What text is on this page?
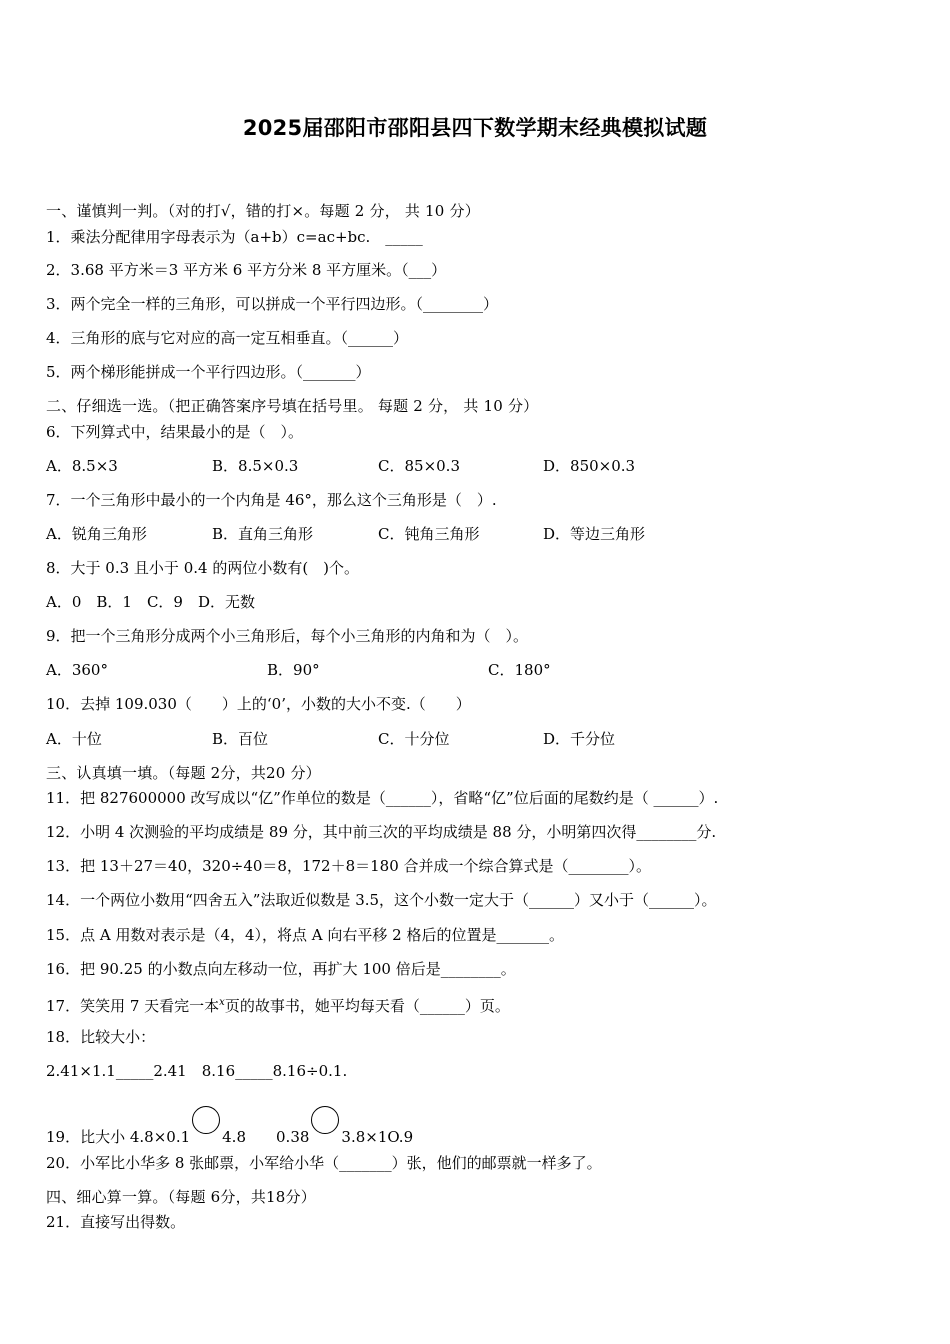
2025届邵阳市邵阳县四下数学期末经典模拟试题
一、谨慎判一判。（对的打√，错的打×。每题 2 分， 共 10 分）
1．乘法分配律用字母表示为（a+b）c=ac+bc.　_____
2．3.68 平方米＝3 平方米 6 平方分米 8 平方厘米。（___）
3．两个完全一样的三角形，可以拼成一个平行四边形。（________）
4．三角形的底与它对应的高一定互相垂直。（______）
5．两个梯形能拼成一个平行四边形。（_______）
二、仔细选一选。（把正确答案序号填在括号里。 每题 2 分， 共 10 分）
6．下列算式中，结果最小的是（　）。
A．8.5×3	B．8.5×0.3	C．85×0.3	D．850×0.3
7．一个三角形中最小的一个内角是 46°，那么这个三角形是（　）.
A．锐角三角形	B．直角三角形	C．钝角三角形	D．等边三角形
8．大于 0.3 且小于 0.4 的两位小数有(　)个。
A．0　B．1　C．9　D．无数
9．把一个三角形分成两个小三角形后，每个小三角形的内角和为（　）。
A．360°	B．90°	C．180°
10．去掉 109.030（　　）上的‘0’，小数的大小不变.（　　）
A．十位	B．百位	C．十分位	D．千分位
三、认真填一填。（每题 2分，共20 分）
11．把 827600000 改写成以“亿”作单位的数是（______），省略“亿”位后面的尾数约是（ ______）.
12．小明 4 次测验的平均成绩是 89 分，其中前三次的平均成绩是 88 分，小明第四次得________分.
13．把 13＋27＝40，320÷40＝8，172＋8＝180 合并成一个综合算式是（________）。
14．一个两位小数用“四舍五入”法取近似数是 3.5，这个小数一定大于（______）又小于（______）。
15．点 A 用数对表示是（4，4），将点 A 向右平移 2 格后的位置是_______。
16．把 90.25 的小数点向左移动一位，再扩大 100 倍后是________。
17．笑笑用 7 天看完一本$^x$页的故事书，她平均每天看（______）页。
18．比较大小：
2.41×1.1_____2.41　8.16_____8.16÷0.1.
19．比大小 4.8×0.1 4.8　　 0.38 3.8×1O.9
20．小军比小华多 8 张邮票，小军给小华（_______）张，他们的邮票就一样多了。
四、细心算一算。（每题 6分，共18分）
21．直接写出得数。
